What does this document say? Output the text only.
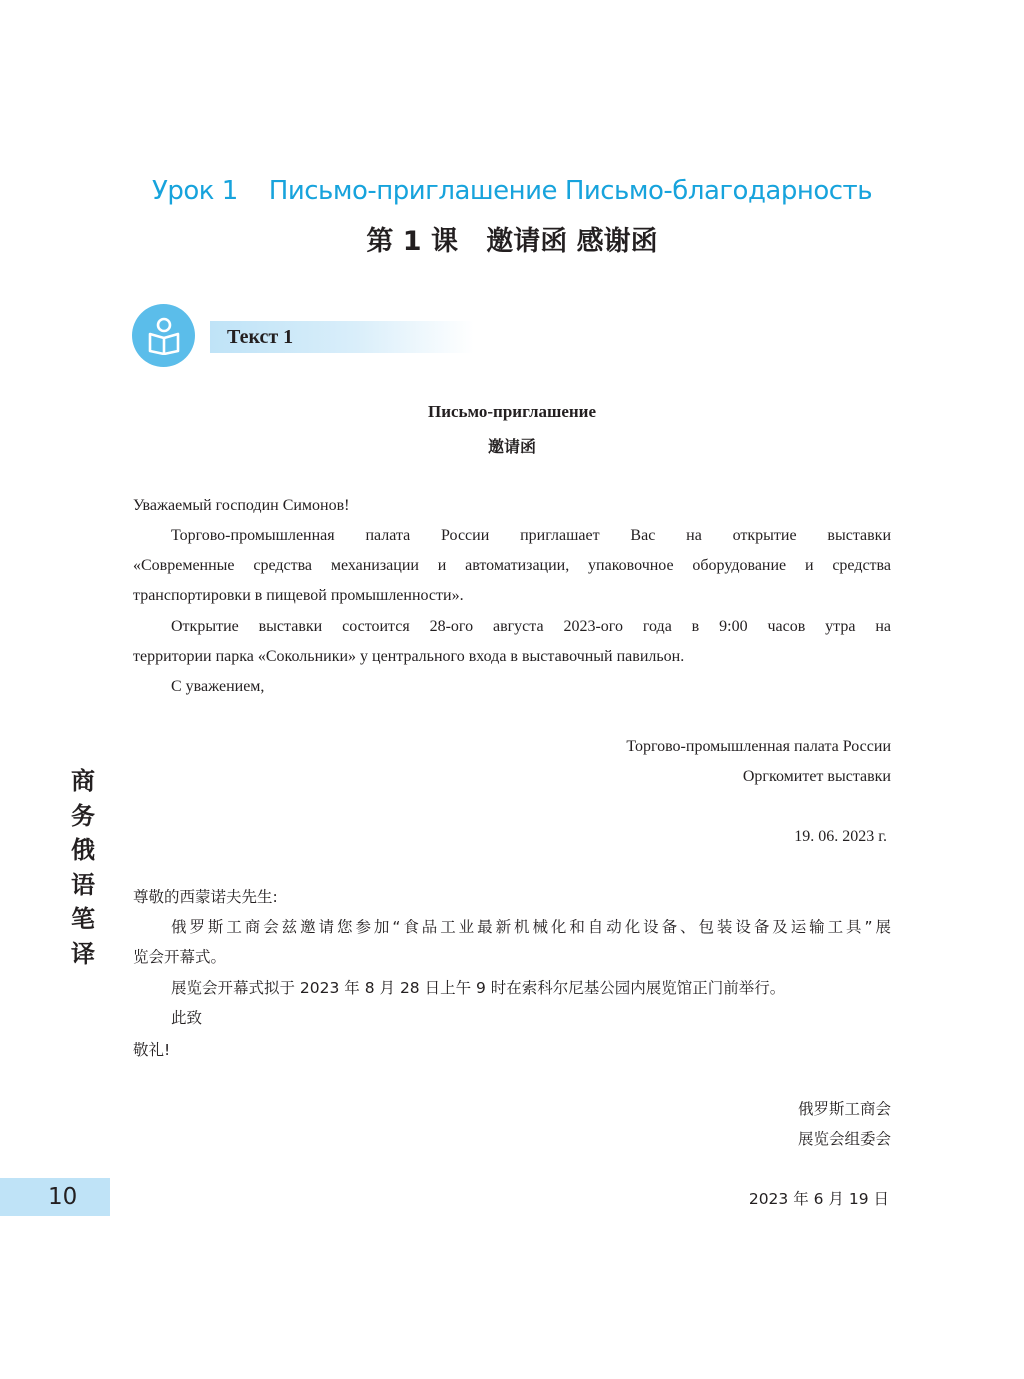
Урок 1    Письмо-приглашение Письмо-благодарность
第 1 课   邀请函 感谢函
Текст 1
Письмо-приглашение
邀请函
Уважаемый господин Симонов!
Торгово-промышленная палата России приглашает Вас на открытие выставки
«Современные средства механизации и автоматизации, упаковочное оборудование и средства
транспортировки в пищевой промышленности».
Открытие выставки состоится 28-ого августа 2023-ого года в 9:00 часов утра на
территории парка «Сокольники» у центрального входа в выставочный павильон.
С уважением,
Торгово-промышленная палата России
Оргкомитет выставки
19. 06. 2023 г.
尊敬的西蒙诺夫先生:
俄罗斯工商会兹邀请您参加“食品工业最新机械化和自动化设备、包装设备及运输工具”展
览会开幕式。
展览会开幕式拟于 2023 年 8 月 28 日上午 9 时在索科尔尼基公园内展览馆正门前举行。
此致
敬礼!
俄罗斯工商会
展览会组委会
2023 年 6 月 19 日
商
务
俄
语
笔
译
10
